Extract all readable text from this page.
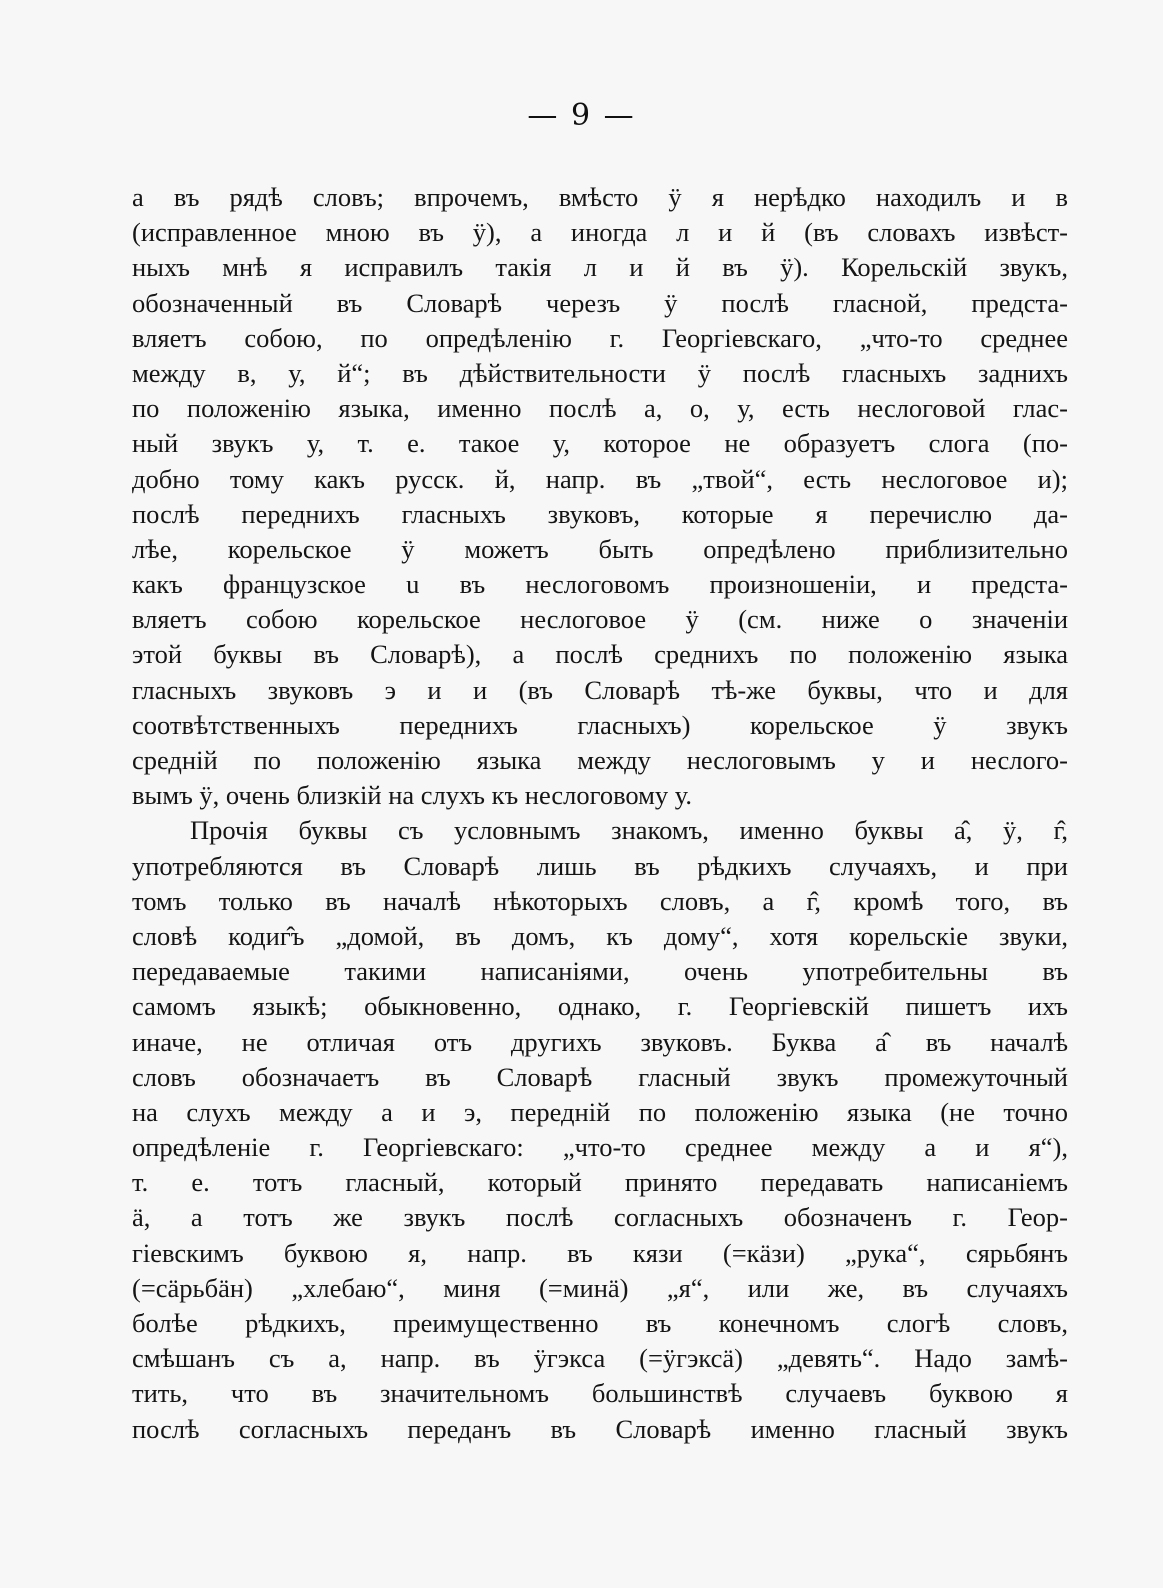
— 9 —
а въ рядѣ словъ; впрочемъ, вмѣсто ӱ я нерѣдко находилъ и в
(исправленное мною въ ӱ), а иногда л и й (въ словахъ извѣст-
ныхъ мнѣ я исправилъ такія л и й въ ӱ). Корельскій звукъ,
обозначенный въ Словарѣ черезъ ӱ послѣ гласной, предста-
вляетъ собою, по опредѣленію г. Георгіевскаго, „что-то среднее
между в, у, й“; въ дѣйствительности ӱ послѣ гласныхъ заднихъ
по положенію языка, именно послѣ а, о, у, есть неслоговой глас-
ный звукъ у, т. е. такое у, которое не образуетъ слога (по-
добно тому какъ русск. й, напр. въ „твой“, есть неслоговое и);
послѣ переднихъ гласныхъ звуковъ, которые я перечислю да-
лѣе, корельское ӱ можетъ быть опредѣлено приблизительно
какъ французское u въ неслоговомъ произношеніи, и предста-
вляетъ собою корельское неслоговое ӱ (см. ниже о значеніи
этой буквы въ Словарѣ), а послѣ среднихъ по положенію языка
гласныхъ звуковъ э и и (въ Словарѣ тѣ-же буквы, что и для
соотвѣтственныхъ переднихъ гласныхъ) корельское ӱ звукъ
средній по положенію языка между неслоговымъ у и неслого-
вымъ ӱ, очень близкій на слухъ къ неслоговому у.
Прочія буквы съ условнымъ знакомъ, именно буквы а̂, ӱ, г̂,
употребляются въ Словарѣ лишь въ рѣдкихъ случаяхъ, и при
томъ только въ началѣ нѣкоторыхъ словъ, а г̂, кромѣ того, въ
словѣ кодиг̂ъ „домой, въ домъ, къ дому“, хотя корельскіе звуки,
передаваемые такими написаніями, очень употребительны въ
самомъ языкѣ; обыкновенно, однако, г. Георгіевскій пишетъ ихъ
иначе, не отличая отъ другихъ звуковъ. Буква а̂ въ началѣ
словъ обозначаетъ въ Словарѣ гласный звукъ промежуточный
на слухъ между а и э, передній по положенію языка (не точно
опредѣленіе г. Георгіевскаго: „что-то среднее между а и я“),
т. е. тотъ гласный, который принято передавать написаніемъ
ä, а тотъ же звукъ послѣ согласныхъ обозначенъ г. Геор-
гіевскимъ буквою я, напр. въ кязи (=кäзи) „рука“, сярьбянъ
(=сäрьбäн) „хлебаю“, миня (=минä) „я“, или же, въ случаяхъ
болѣе рѣдкихъ, преимущественно въ конечномъ слогѣ словъ,
смѣшанъ съ а, напр. въ ӱгэкса (=ӱгэксä) „девять“. Надо замѣ-
тить, что въ значительномъ большинствѣ случаевъ буквою я
послѣ согласныхъ переданъ въ Словарѣ именно гласный звукъ
